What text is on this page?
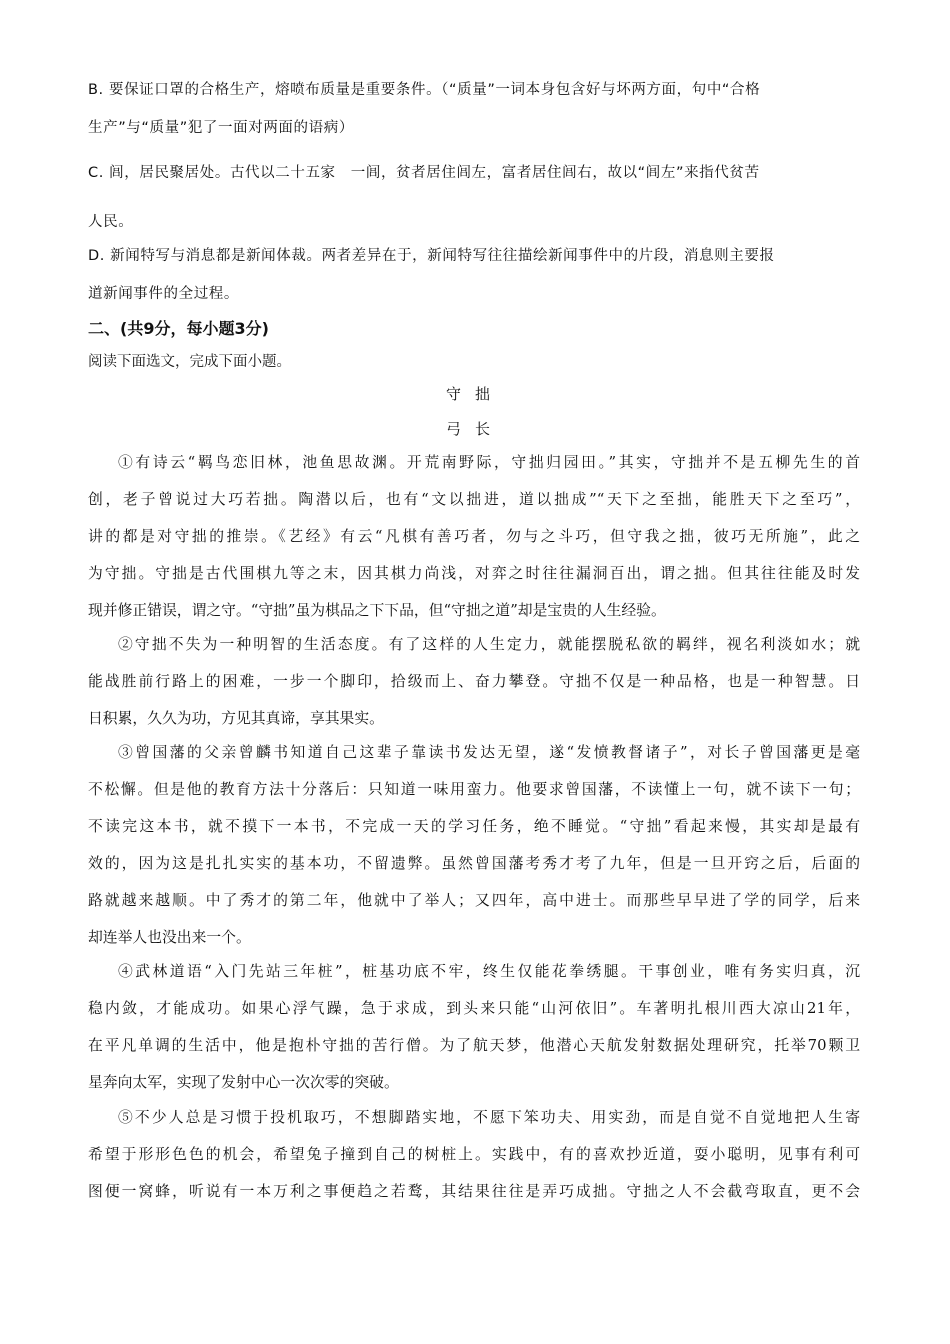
B. 要保证口罩的合格生产，熔喷布质量是重要条件。（“质量”一词本身包含好与坏两方面，句中“合格
生产”与“质量”犯了一面对两面的语病）
C. 闾，居民聚居处。古代以二十五家　一闾，贫者居住闾左，富者居住闾右，故以“闾左”来指代贫苦
人民。
D. 新闻特写与消息都是新闻体裁。两者差异在于，新闻特写往往描绘新闻事件中的片段，消息则主要报
道新闻事件的全过程。
二、(共9分，每小题3分)
阅读下面选文，完成下面小题。
守拙
弓长
①有诗云“羁鸟恋旧林，池鱼思故渊。开荒南野际，守拙归园田。”其实，守拙并不是五柳先生的首
创，老子曾说过大巧若拙。陶潜以后，也有“文以拙进，道以拙成”“天下之至拙，能胜天下之至巧”，
讲的都是对守拙的推崇。《艺经》有云“凡棋有善巧者，勿与之斗巧，但守我之拙，彼巧无所施”，此之
为守拙。守拙是古代围棋九等之末，因其棋力尚浅，对弈之时往往漏洞百出，谓之拙。但其往往能及时发
现并修正错误，谓之守。“守拙”虽为棋品之下下品，但“守拙之道”却是宝贵的人生经验。
②守拙不失为一种明智的生活态度。有了这样的人生定力，就能摆脱私欲的羁绊，视名利淡如水；就
能战胜前行路上的困难，一步一个脚印，拾级而上、奋力攀登。守拙不仅是一种品格，也是一种智慧。日
日积累，久久为功，方见其真谛，享其果实。
③曾国藩的父亲曾麟书知道自己这辈子靠读书发达无望，遂“发愤教督诸子”，对长子曾国藩更是毫
不松懈。但是他的教育方法十分落后：只知道一味用蛮力。他要求曾国藩，不读懂上一句，就不读下一句；
不读完这本书，就不摸下一本书，不完成一天的学习任务，绝不睡觉。“守拙”看起来慢，其实却是最有
效的，因为这是扎扎实实的基本功，不留遗弊。虽然曾国藩考秀才考了九年，但是一旦开窍之后，后面的
路就越来越顺。中了秀才的第二年，他就中了举人；又四年，高中进士。而那些早早进了学的同学，后来
却连举人也没出来一个。
④武林道语“入门先站三年桩”，桩基功底不牢，终生仅能花拳绣腿。干事创业，唯有务实归真，沉
稳内敛，才能成功。如果心浮气躁，急于求成，到头来只能“山河依旧”。车著明扎根川西大凉山21年，
在平凡单调的生活中，他是抱朴守拙的苦行僧。为了航天梦，他潜心天航发射数据处理研究，托举70颗卫
星奔向太军，实现了发射中心一次次零的突破。
⑤不少人总是习惯于投机取巧，不想脚踏实地，不愿下笨功夫、用实劲，而是自觉不自觉地把人生寄
希望于形形色色的机会，希望兔子撞到自己的树桩上。实践中，有的喜欢抄近道，耍小聪明，见事有利可
图便一窝蜂，听说有一本万利之事便趋之若鹜，其结果往往是弄巧成拙。守拙之人不会截弯取直，更不会
